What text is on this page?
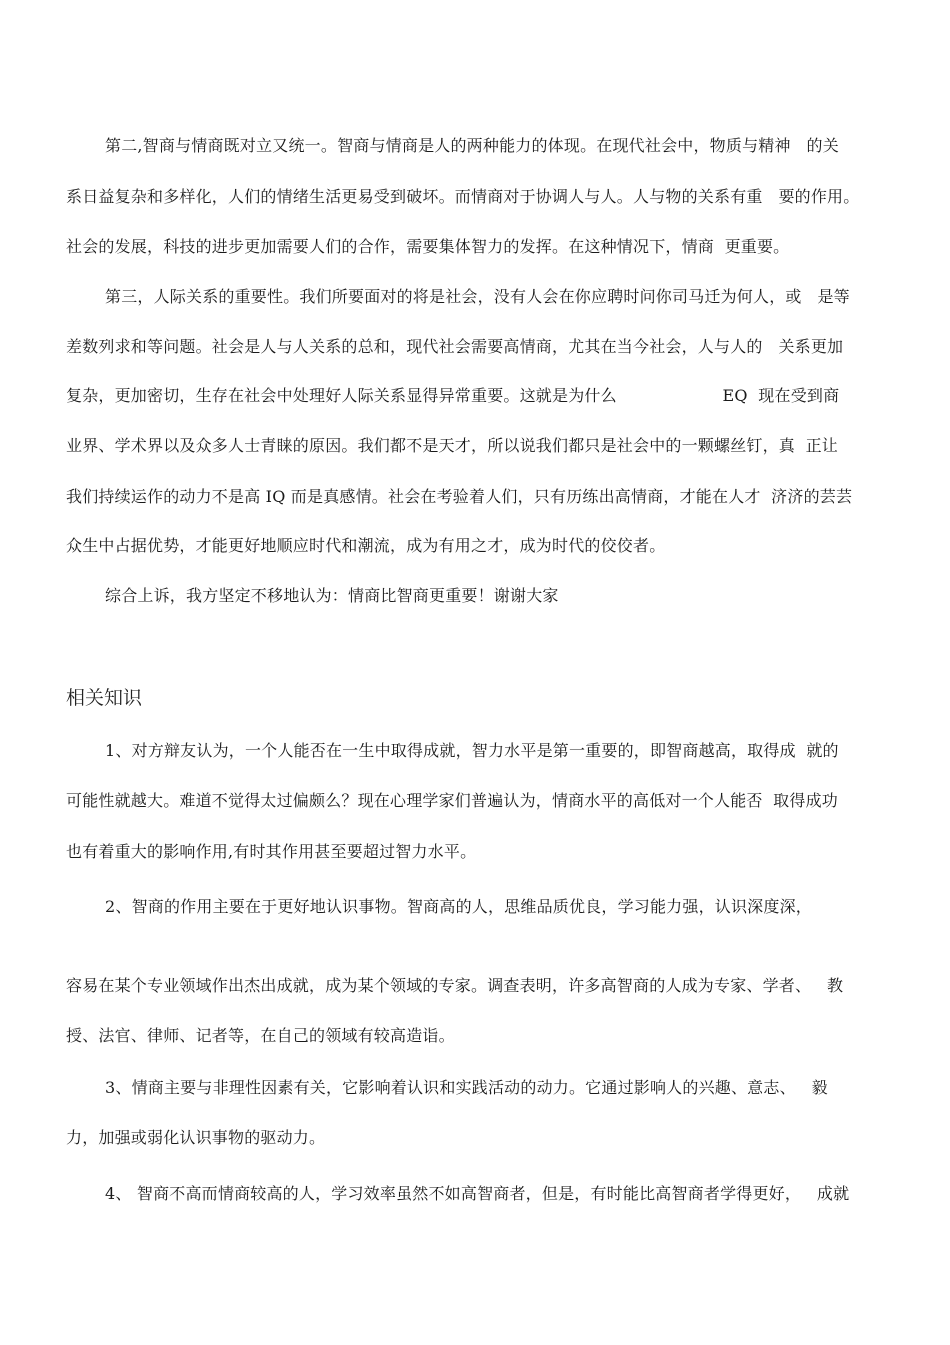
第二,智商与情商既对立又统一。智商与情商是人的两种能力的体现。在现代社会中，物质与精神   的关
系日益复杂和多样化，人们的情绪生活更易受到破坏。而情商对于协调人与人。人与物的关系有重   要的作用。
社会的发展，科技的进步更加需要人们的合作，需要集体智力的发挥。在这种情况下，情商  更重要。
第三，人际关系的重要性。我们所要面对的将是社会，没有人会在你应聘时问你司马迁为何人，或   是等
差数列求和等问题。社会是人与人关系的总和，现代社会需要高情商，尤其在当今社会，人与人的   关系更加
复杂，更加密切，生存在社会中处理好人际关系显得异常重要。这就是为什么                    EQ  现在受到商
业界、学术界以及众多人士青睐的原因。我们都不是天才，所以说我们都只是社会中的一颗螺丝钉，真  正让
我们持续运作的动力不是高 IQ 而是真感情。社会在考验着人们，只有历练出高情商，才能在人才  济济的芸芸
众生中占据优势，才能更好地顺应时代和潮流，成为有用之才，成为时代的佼佼者。
综合上诉，我方坚定不移地认为：情商比智商更重要！谢谢大家
相关知识
1、对方辩友认为，一个人能否在一生中取得成就，智力水平是第一重要的，即智商越高，取得成  就的
可能性就越大。难道不觉得太过偏颇么？现在心理学家们普遍认为，情商水平的高低对一个人能否  取得成功
也有着重大的影响作用,有时其作用甚至要超过智力水平。
2、智商的作用主要在于更好地认识事物。智商高的人，思维品质优良，学习能力强，认识深度深，
容易在某个专业领域作出杰出成就，成为某个领域的专家。调查表明，许多高智商的人成为专家、学者、   教
授、法官、律师、记者等，在自己的领域有较高造诣。
3、情商主要与非理性因素有关，它影响着认识和实践活动的动力。它通过影响人的兴趣、意志、   毅
力，加强或弱化认识事物的驱动力。
4、 智商不高而情商较高的人，学习效率虽然不如高智商者，但是，有时能比高智商者学得更好，   成就
